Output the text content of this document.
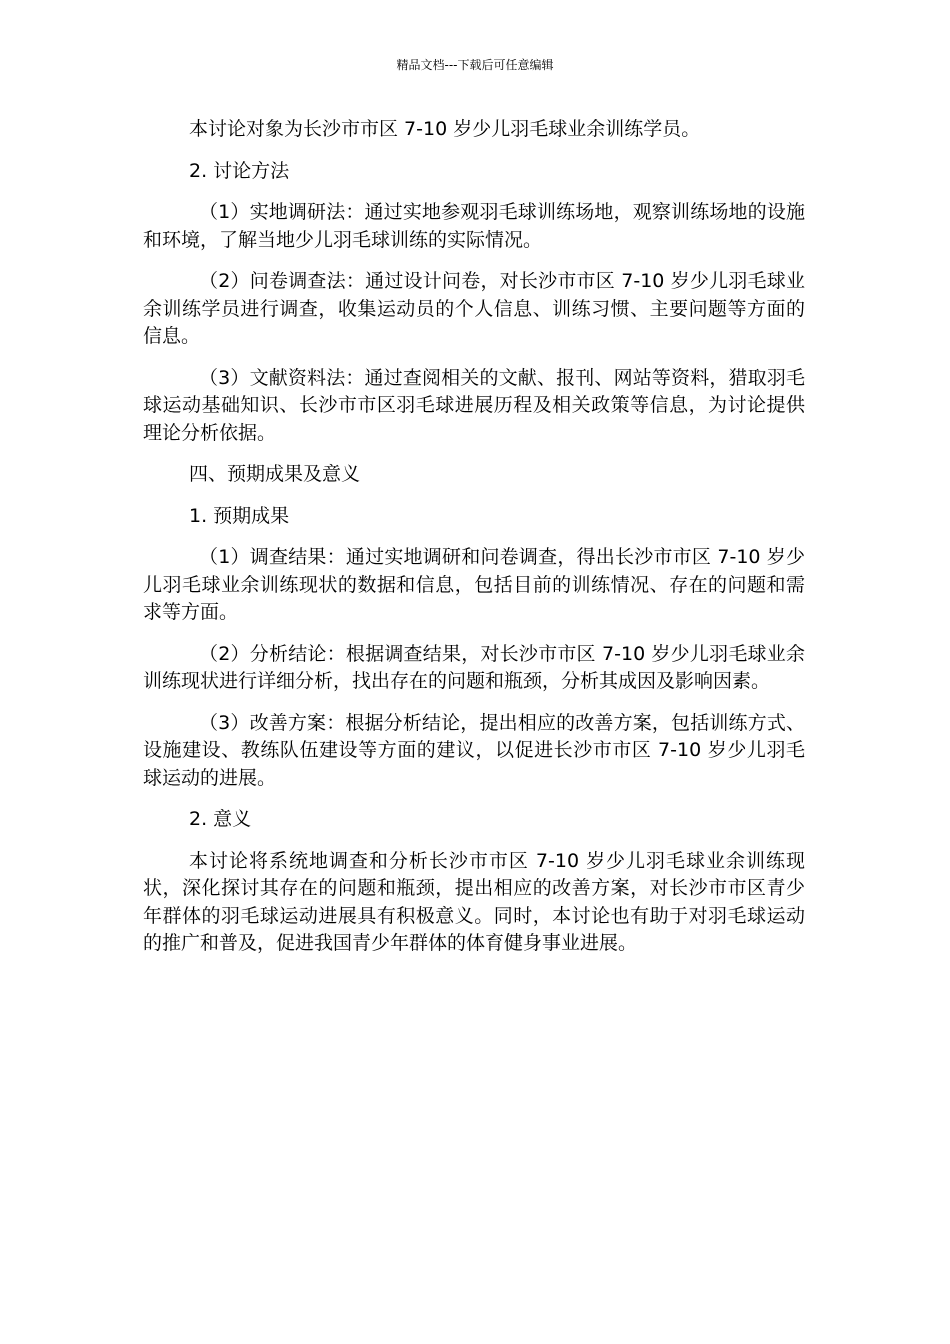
精品文档---下载后可任意编辑

本讨论对象为长沙市市区 7-10 岁少儿羽毛球业余训练学员。

2. 讨论方法

（1）实地调研法：通过实地参观羽毛球训练场地，观察训练场地的设施和环境，了解当地少儿羽毛球训练的实际情况。

（2）问卷调查法：通过设计问卷，对长沙市市区 7-10 岁少儿羽毛球业余训练学员进行调查，收集运动员的个人信息、训练习惯、主要问题等方面的信息。

（3）文献资料法：通过查阅相关的文献、报刊、网站等资料，猎取羽毛球运动基础知识、长沙市市区羽毛球进展历程及相关政策等信息，为讨论提供理论分析依据。

四、预期成果及意义

1. 预期成果

（1）调查结果：通过实地调研和问卷调查，得出长沙市市区 7-10 岁少儿羽毛球业余训练现状的数据和信息，包括目前的训练情况、存在的问题和需求等方面。

（2）分析结论：根据调查结果，对长沙市市区 7-10 岁少儿羽毛球业余训练现状进行详细分析，找出存在的问题和瓶颈，分析其成因及影响因素。

（3）改善方案：根据分析结论，提出相应的改善方案，包括训练方式、设施建设、教练队伍建设等方面的建议，以促进长沙市市区 7-10 岁少儿羽毛球运动的进展。

2. 意义

本讨论将系统地调查和分析长沙市市区 7-10 岁少儿羽毛球业余训练现状，深化探讨其存在的问题和瓶颈，提出相应的改善方案，对长沙市市区青少年群体的羽毛球运动进展具有积极意义。同时，本讨论也有助于对羽毛球运动的推广和普及，促进我国青少年群体的体育健身事业进展。
